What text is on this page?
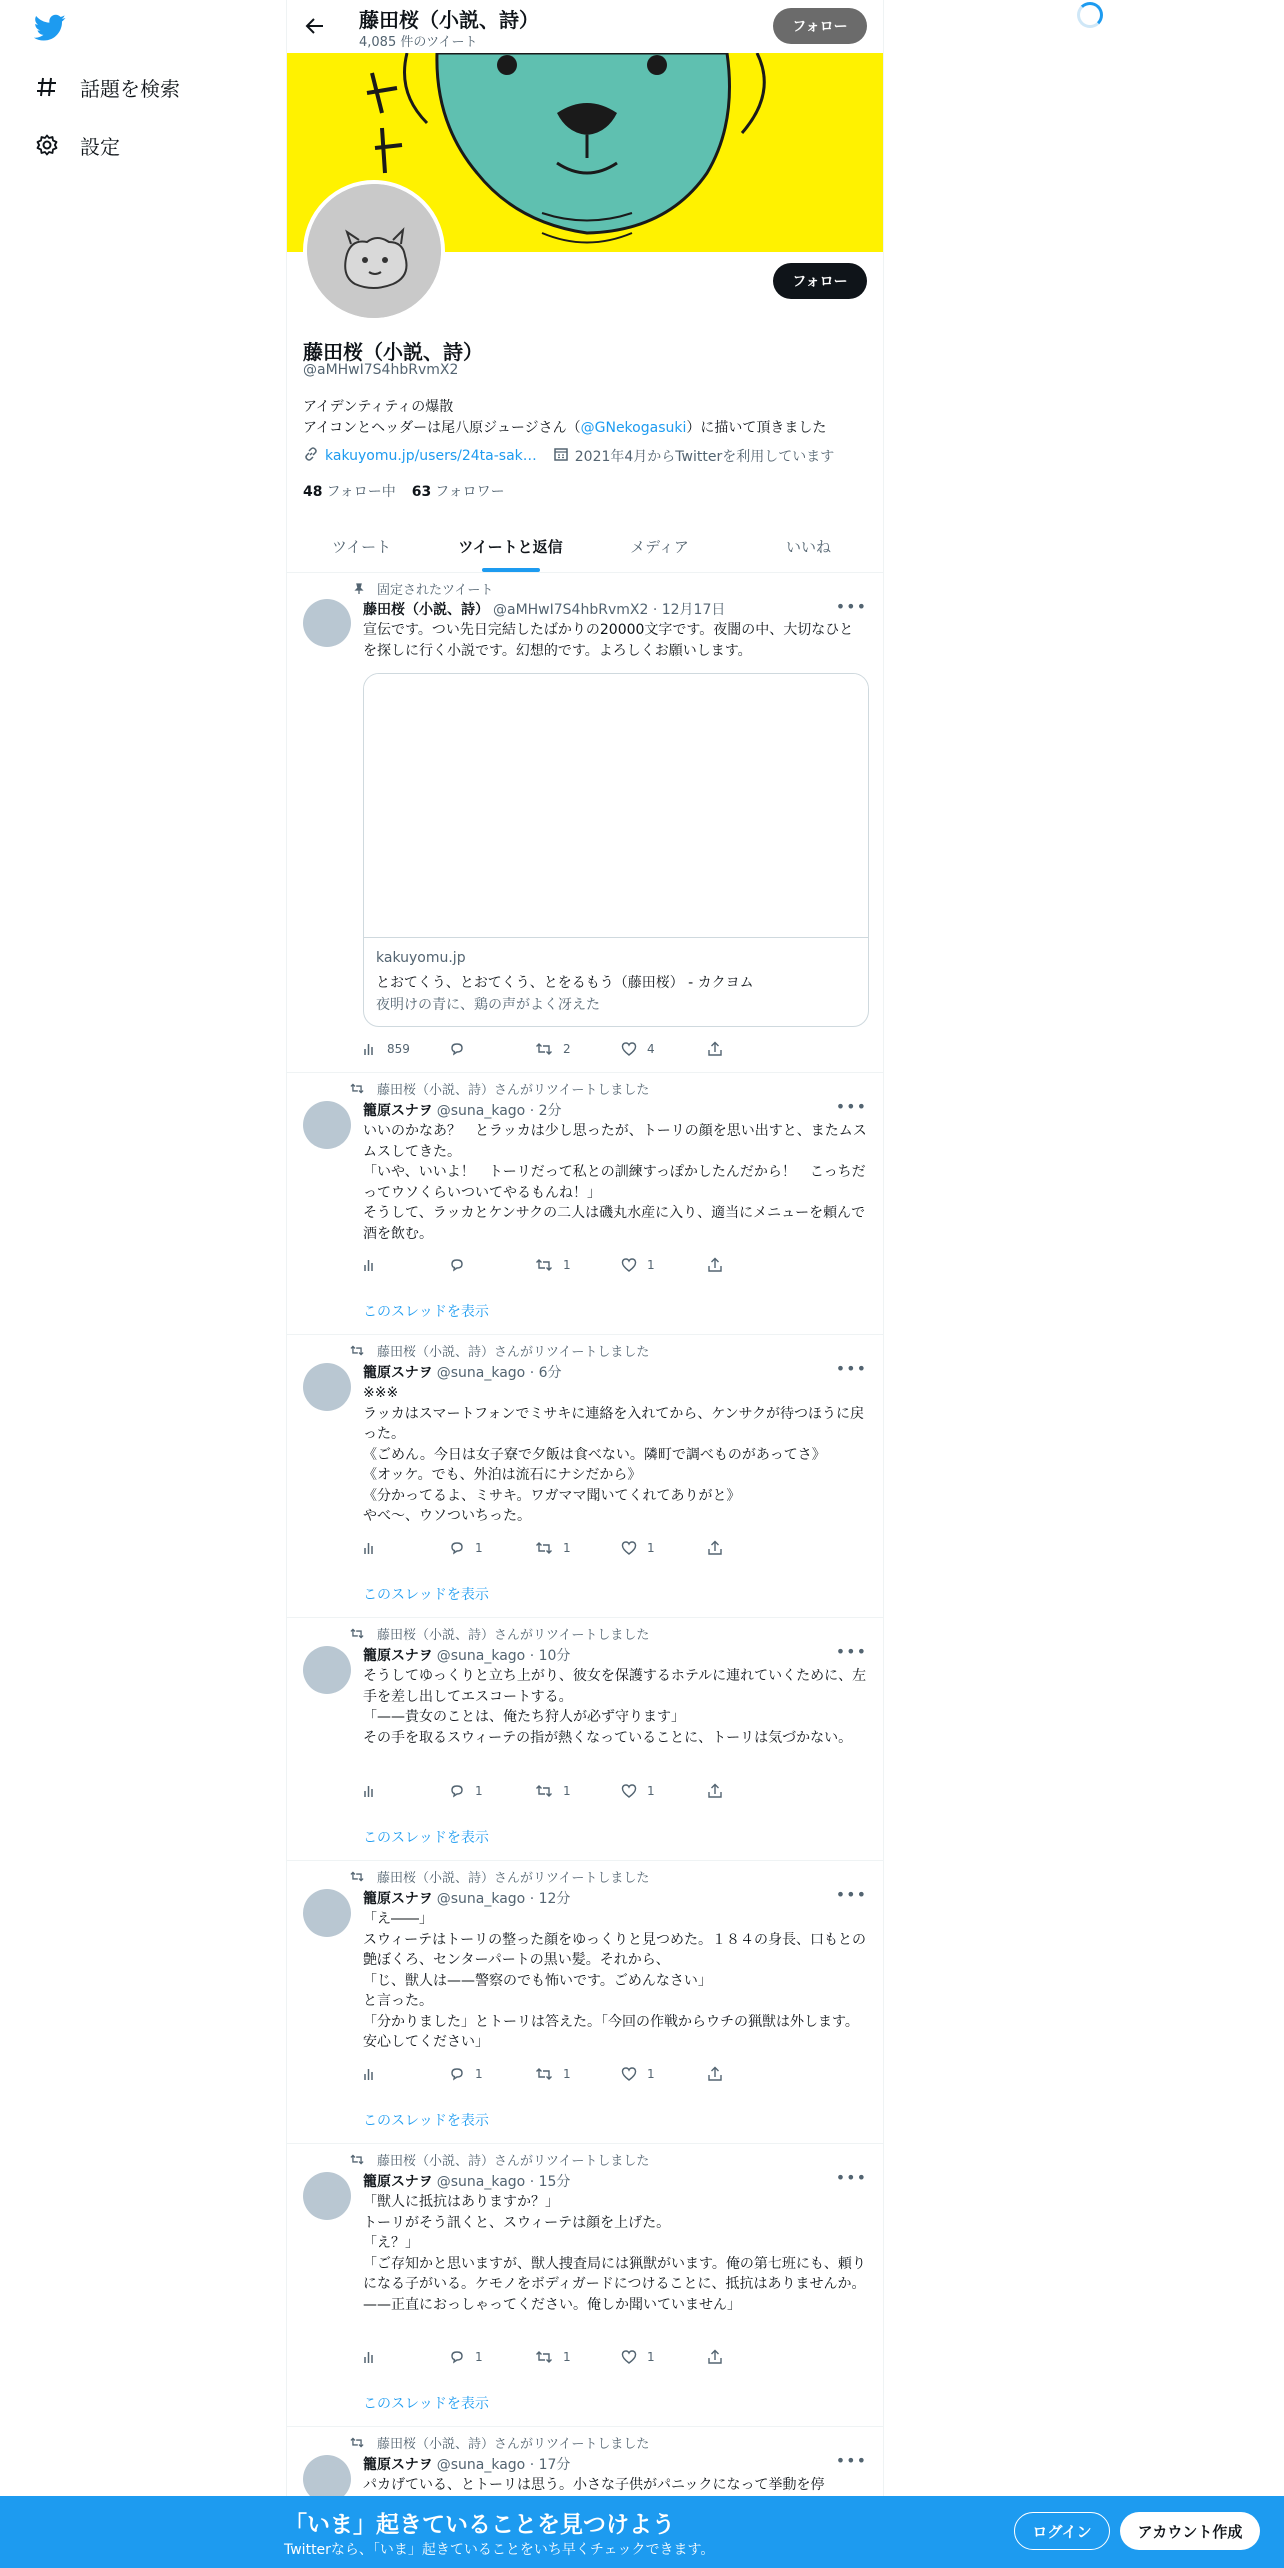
話題を検索
設定
藤田桜（小説、詩）
4,085 件のツイート
フォロー
フォロー
藤田桜（小説、詩）
@aMHwI7S4hbRvmX2
アイデンティティの爆散
アイコンとヘッダーは尾八原ジュージさん（@GNekogasuki）に描いて頂きました
kakuyomu.jp/users/24ta-sak…	2021年4月からTwitterを利用しています
48 フォロー中 63 フォロワー
ツイート	ツイートと返信	メディア	いいね
固定されたツイート
藤田桜（小説、詩） @aMHwI7S4hbRvmX2 · 12月17日	•••
宣伝です。つい先日完結したばかりの20000文字です。夜闇の中、大切なひとを探しに行く小説です。幻想的です。よろしくお願いします。
kakuyomu.jp
とおてくう、とおてくう、とをるもう（藤田桜） - カクヨム
夜明けの青に、鶏の声がよく冴えた
859	2	4
藤田桜（小説、詩）さんがリツイートしました
籠原スナヲ @suna_kago · 2分	•••
いいのかなあ？　とラッカは少し思ったが、トーリの顔を思い出すと、またムスムスしてきた。
「いや、いいよ！　トーリだって私との訓練すっぽかしたんだから！　こっちだってウソくらいついてやるもんね！」
そうして、ラッカとケンサクの二人は磯丸水産に入り、適当にメニューを頼んで酒を飲む。
1	1
このスレッドを表示
藤田桜（小説、詩）さんがリツイートしました
籠原スナヲ @suna_kago · 6分	•••
※※※
ラッカはスマートフォンでミサキに連絡を入れてから、ケンサクが待つほうに戻った。
《ごめん。今日は女子寮で夕飯は食べない。隣町で調べものがあってさ》
《オッケ。でも、外泊は流石にナシだから》
《分かってるよ、ミサキ。ワガママ聞いてくれてありがと》
やべ～、ウソついちった。
1	1	1
このスレッドを表示
藤田桜（小説、詩）さんがリツイートしました
籠原スナヲ @suna_kago · 10分	•••
そうしてゆっくりと立ち上がり、彼女を保護するホテルに連れていくために、左手を差し出してエスコートする。
「——貴女のことは、俺たち狩人が必ず守ります」
その手を取るスウィーテの指が熱くなっていることに、トーリは気づかない。
1	1	1
このスレッドを表示
藤田桜（小説、詩）さんがリツイートしました
籠原スナヲ @suna_kago · 12分	•••
「え――」
スウィーテはトーリの整った顔をゆっくりと見つめた。１８４の身長、口もとの艶ぼくろ、センターパートの黒い髪。それから、
「じ、獣人は——警察のでも怖いです。ごめんなさい」
と言った。
「分かりました」とトーリは答えた。「今回の作戦からウチの猟獣は外します。安心してください」
1	1	1
このスレッドを表示
藤田桜（小説、詩）さんがリツイートしました
籠原スナヲ @suna_kago · 15分	•••
「獣人に抵抗はありますか？」
トーリがそう訊くと、スウィーテは顔を上げた。
「え？」
「ご存知かと思いますが、獣人捜査局には猟獣がいます。俺の第七班にも、頼りになる子がいる。ケモノをボディガードにつけることに、抵抗はありませんか。——正直におっしゃってください。俺しか聞いていません」
1	1	1
このスレッドを表示
藤田桜（小説、詩）さんがリツイートしました
籠原スナヲ @suna_kago · 17分	•••
パカげている、とトーリは思う。小さな子供がパニックになって挙動を停
「いま」起きていることを見つけよう
Twitterなら、「いま」起きていることをいち早くチェックできます。
ログイン	アカウント作成
